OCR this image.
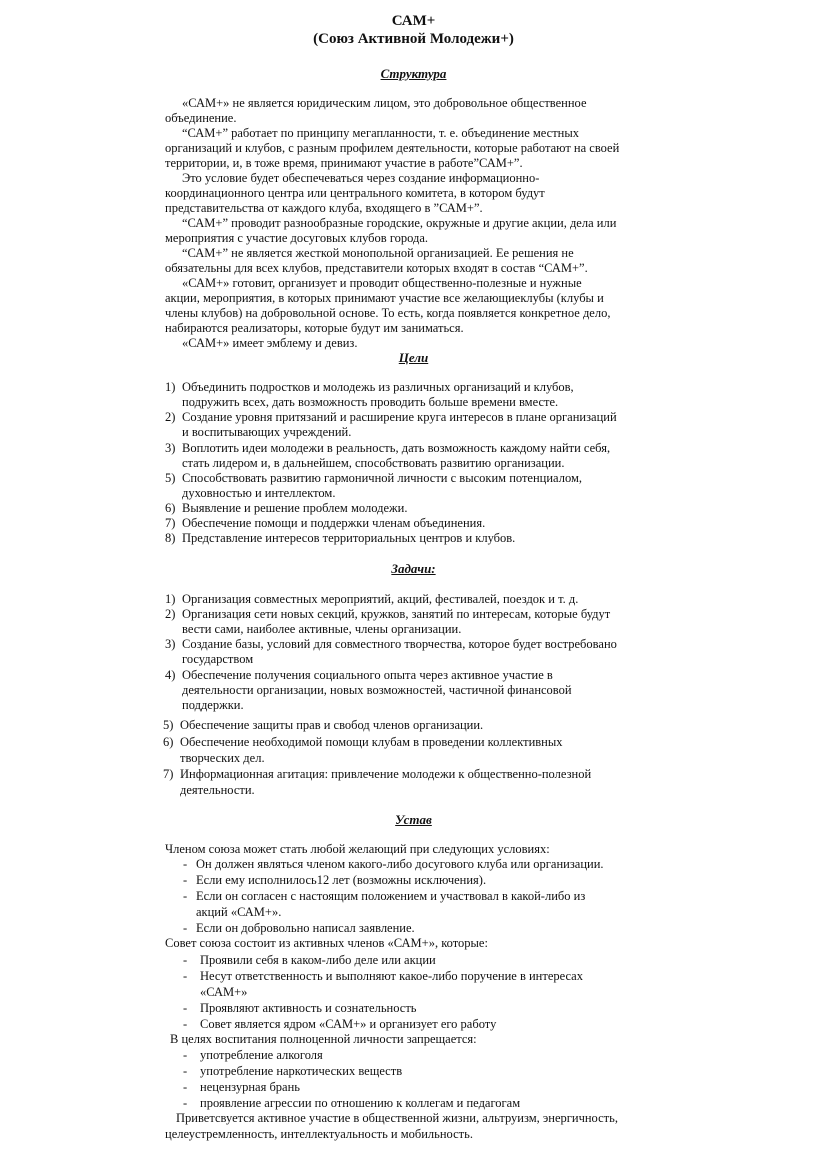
САМ+
(Союз Активной Молодежи+)
Структура
«САМ+» не является юридическим лицом, это добровольное общественное
объединение.
“САМ+” работает по принципу мегапланности, т. е. объединение местных
организаций и клубов, с разным профилем деятельности, которые работают на своей
территории, и, в тоже время, принимают участие в работе”САМ+”.
Это условие будет обеспечеваться через создание информационно-
координационного центра или центрального комитета, в котором будут
представительства от каждого клуба, входящего в ”САМ+”.
“САМ+” проводит разнообразные городские, окружные и другие акции, дела или
мероприятия с участие досуговых клубов города.
“САМ+” не является жесткой монопольной организацией. Ее решения не
обязательны для всех клубов, представители которых входят в состав “САМ+”.
«САМ+» готовит, организует и проводит общественно-полезные и нужные
акции, мероприятия, в которых принимают участие все желающиеклубы (клубы и
члены клубов) на добровольной основе. То есть, когда появляется конкретное дело,
набираются реализаторы, которые будут им заниматься.
«САМ+» имеет эмблему и девиз.
Цели
1) Объединить подростков и молодежь из различных организаций и клубов,
подружить всех, дать возможность проводить больше времени вместе.
2) Создание уровня притязаний и расширение круга интересов в плане организаций
и воспитывающих учреждений.
3) Воплотить идеи молодежи в реальность, дать возможность каждому найти себя,
стать лидером и, в дальнейшем, способствовать развитию организации.
5) Способствовать развитию гармоничной личности с высоким потенциалом,
духовностью и интеллектом.
6) Выявление и решение проблем молодежи.
7) Обеспечение помощи и поддержки членам объединения.
8) Представление интересов территориальных центров и клубов.
Задачи:
1) Организация совместных мероприятий, акций, фестивалей, поездок и т. д.
2) Организация сети новых секций, кружков, занятий по интересам, которые будут
вести сами, наиболее активные, члены организации.
3) Создание базы, условий для совместного творчества, которое будет востребовано
государством
4) Обеспечение получения социального опыта через активное участие в
деятельности организации, новых возможностей, частичной финансовой
поддержки.
5) Обеспечение защиты прав и свобод членов организации.
6) Обеспечение необходимой помощи клубам в проведении коллективных
творческих дел.
7) Информационная агитация: привлечение молодежи к общественно-полезной
деятельности.
Устав
Членом союза может стать любой желающий при следующих условиях:
- Он должен являться членом какого-либо досугового клуба или организации.
- Если ему исполнилось12 лет (возможны исключения).
- Если он согласен с настоящим положением и участвовал в какой-либо из
акций «САМ+».
- Если он добровольно написал заявление.
Совет союза состоит из активных членов «САМ+», которые:
- Проявили себя в каком-либо деле или акции
- Несут ответственность и выполняют какое-либо поручение в интересах
«САМ+»
- Проявляют активность и сознательность
- Совет является ядром «САМ+» и организует его работу
В целях воспитания полноценной личности запрещается:
- употребление алкоголя
- употребление наркотических веществ
- нецензурная брань
- проявление агрессии по отношению к коллегам и педагогам
Приветсвуется активное участие в общественной жизни, альтруизм, энергичность,
целеустремленность, интеллектуальность и мобильность.
